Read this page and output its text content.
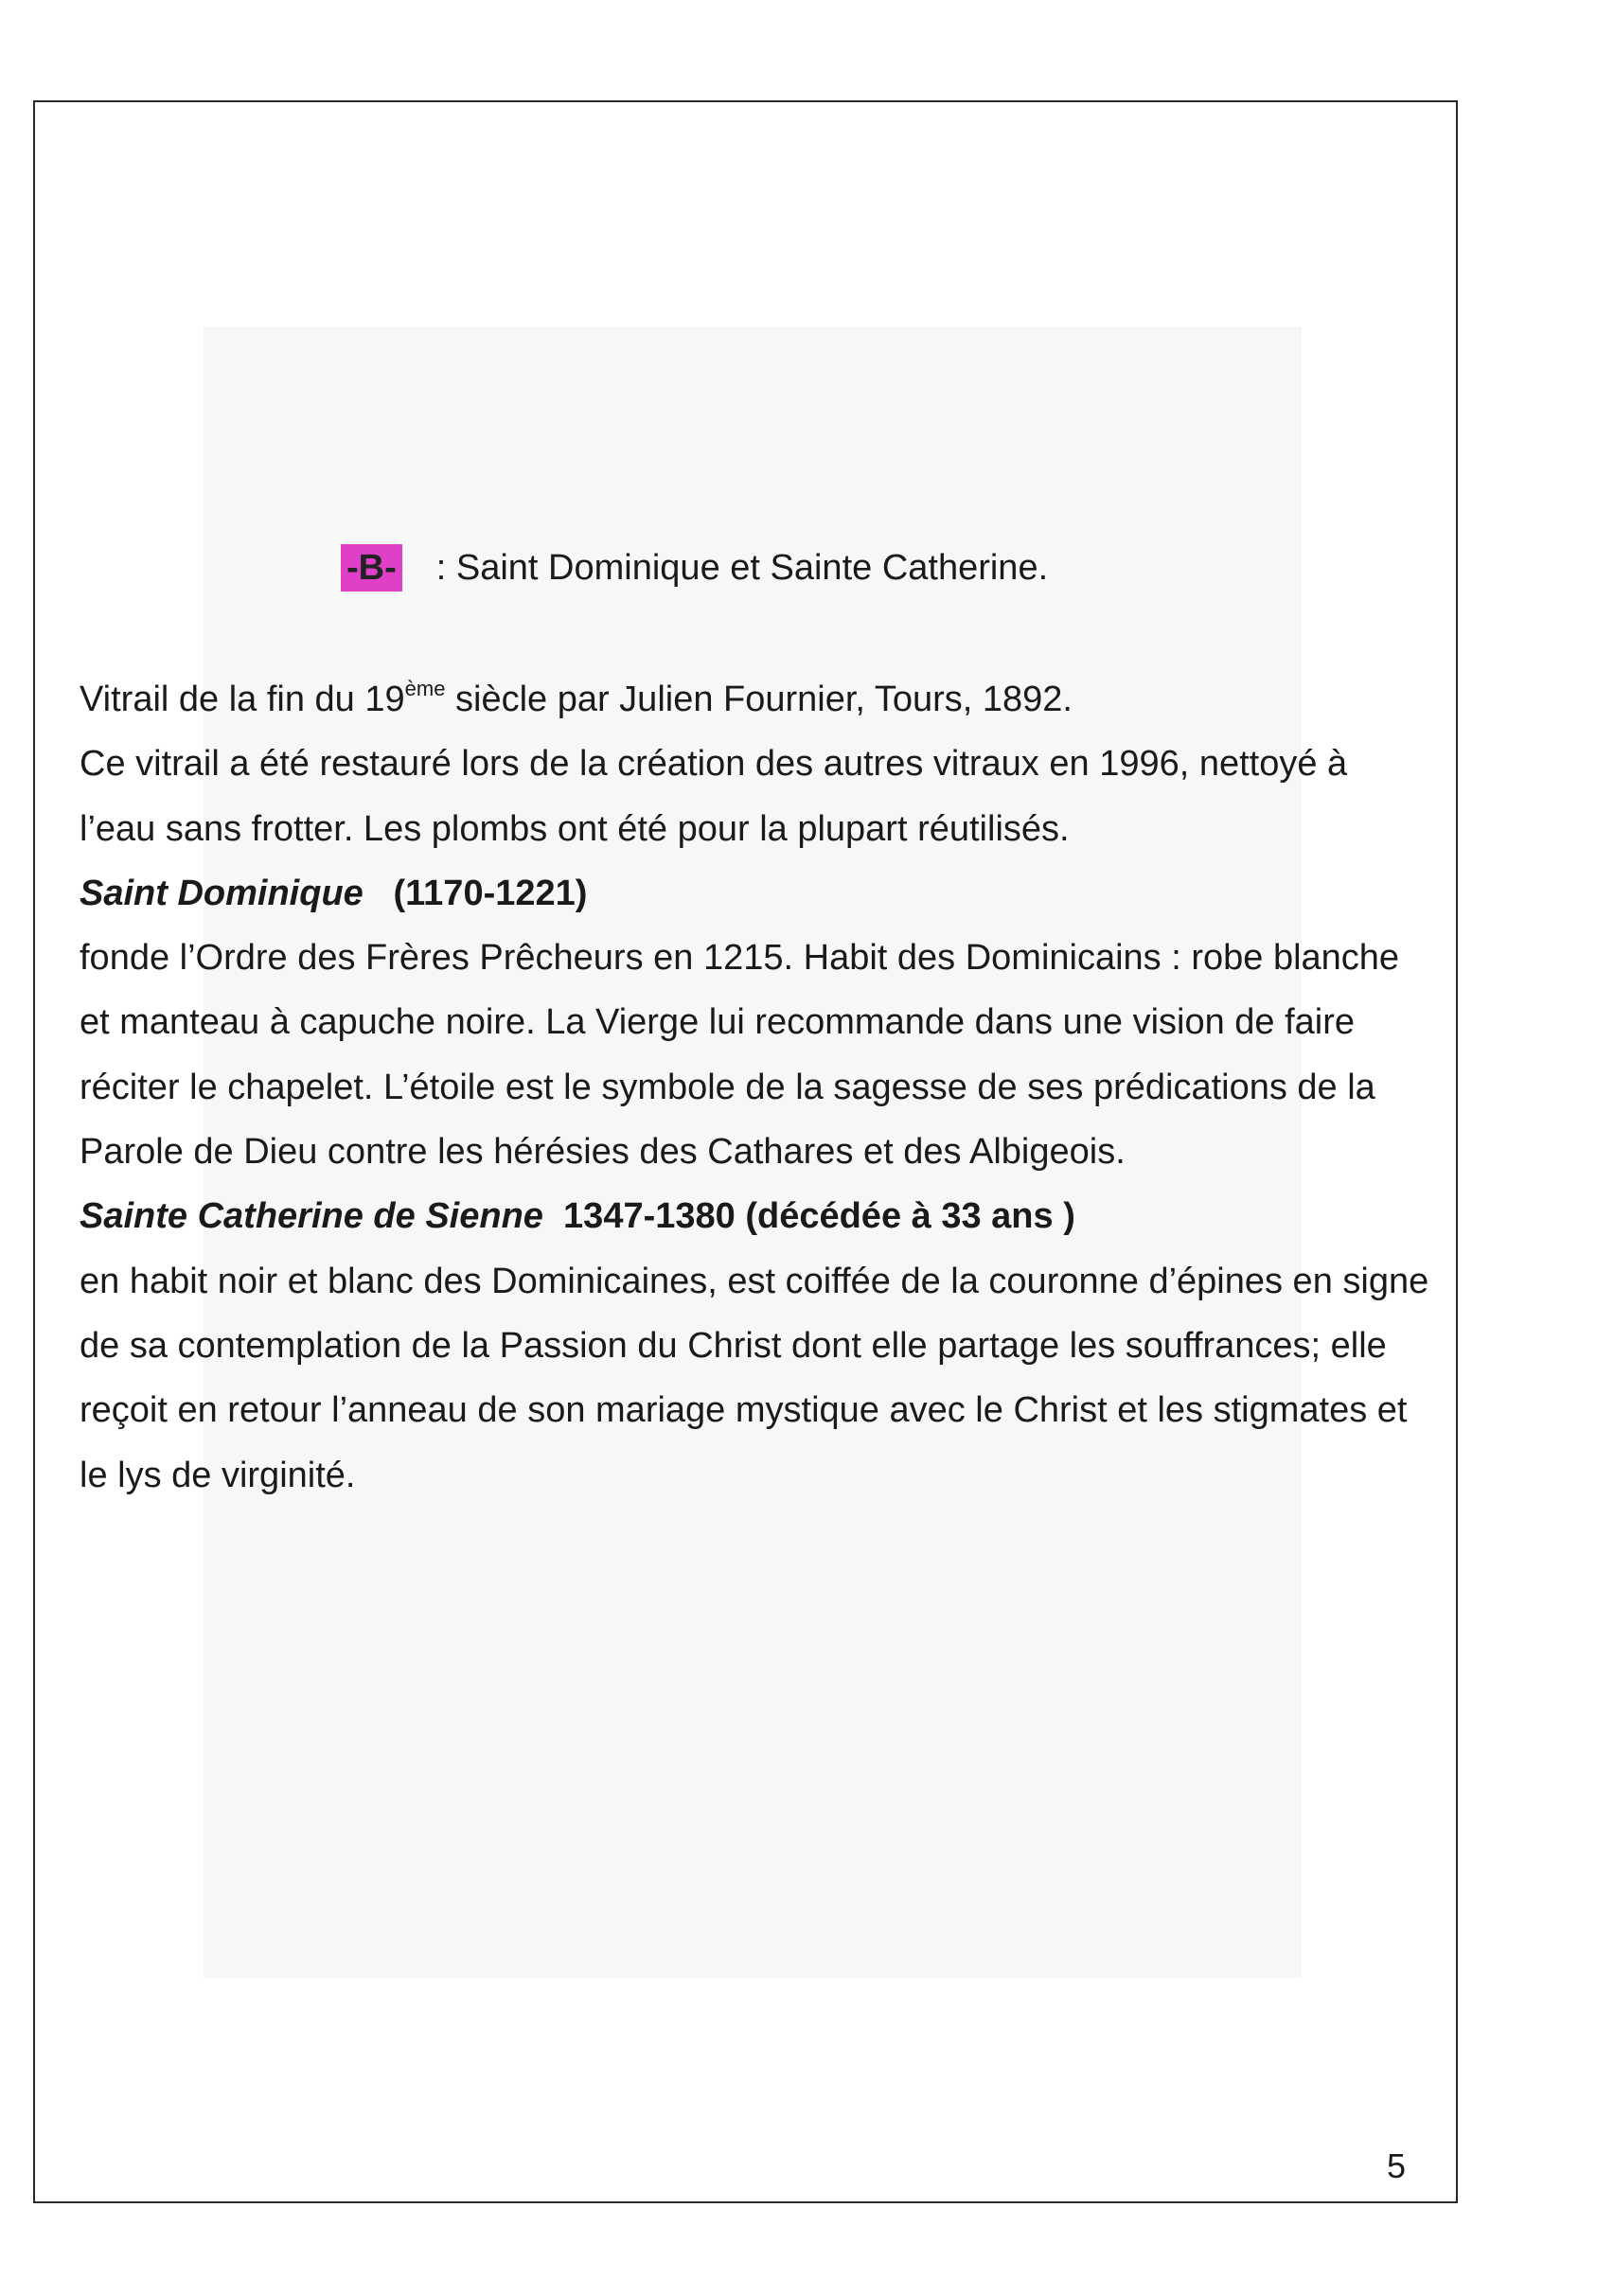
-B- : Saint Dominique et Sainte Catherine.

Vitrail de la fin du 19ème siècle par Julien Fournier, Tours, 1892.

Ce vitrail a été restauré lors de la création des autres vitraux en 1996, nettoyé à l’eau sans frotter. Les plombs ont été pour la plupart réutilisés.

Saint Dominique (1170-1221)

fonde l’Ordre des Frères Prêcheurs en 1215. Habit des Dominicains : robe blanche et manteau à capuche noire. La Vierge lui recommande dans une vision de faire réciter le chapelet. L’étoile est le symbole de la sagesse de ses prédications de la Parole de Dieu contre les hérésies des Cathares et des Albigeois.

Sainte Catherine de Sienne 1347-1380 (décédée à 33 ans )

en habit noir et blanc des Dominicaines, est coiffée de la couronne d’épines en signe de sa contemplation de la Passion du Christ dont elle partage les souffrances; elle reçoit en retour l’anneau de son mariage mystique avec le Christ et les stigmates et le lys de virginité.

5
